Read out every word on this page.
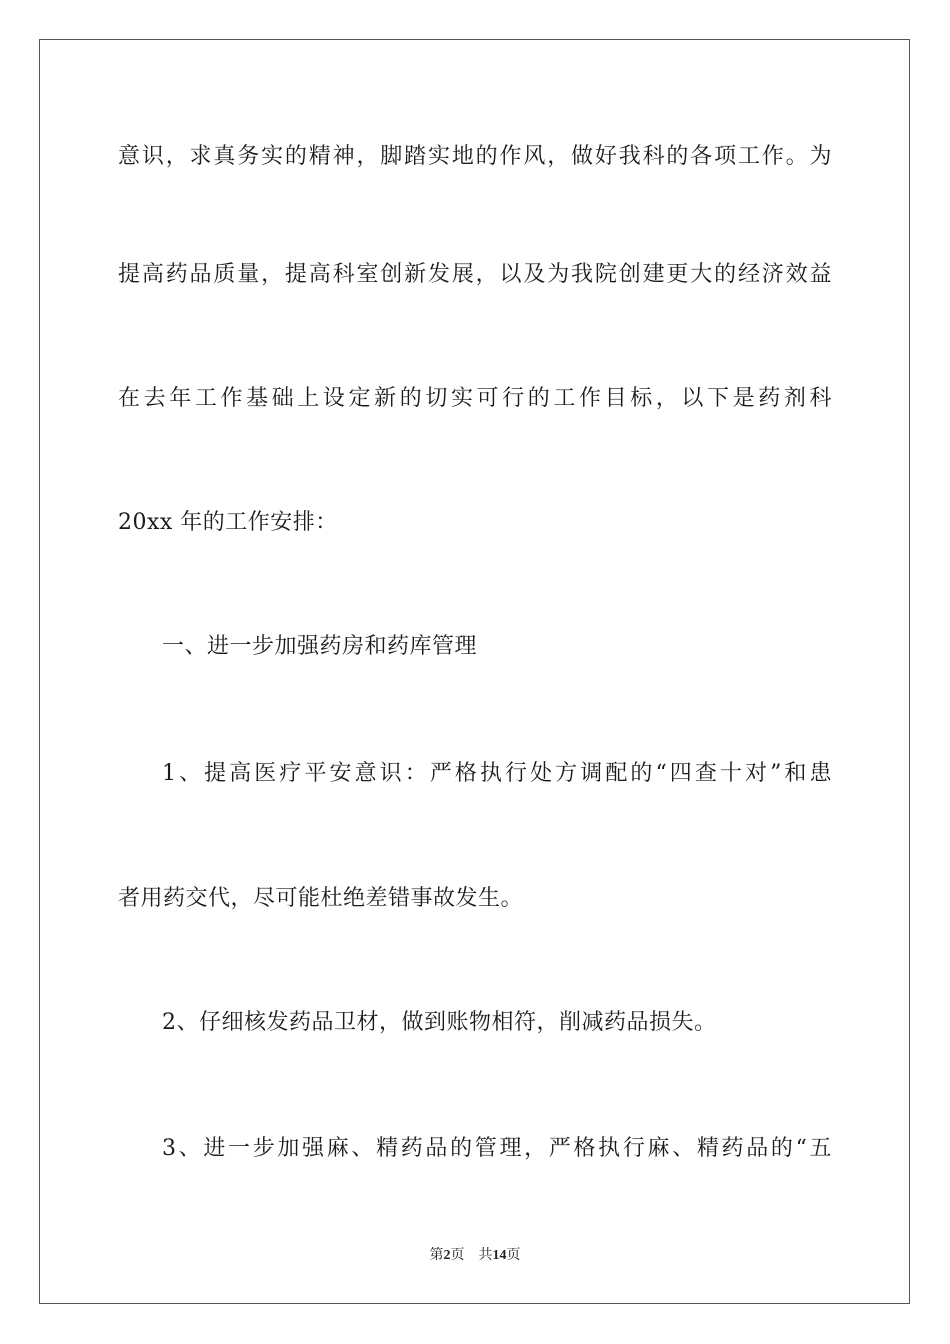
意识，求真务实的精神，脚踏实地的作风，做好我科的各项工作。为
提高药品质量，提高科室创新发展，以及为我院创建更大的经济效益
在去年工作基础上设定新的切实可行的工作目标，以下是药剂科
20xx 年的工作安排：
一、进一步加强药房和药库管理
1、提高医疗平安意识：严格执行处方调配的“四查十对”和患
者用药交代，尽可能杜绝差错事故发生。
2、仔细核发药品卫材，做到账物相符，削减药品损失。
3、进一步加强麻、精药品的管理，严格执行麻、精药品的“五
第2页 共14页
